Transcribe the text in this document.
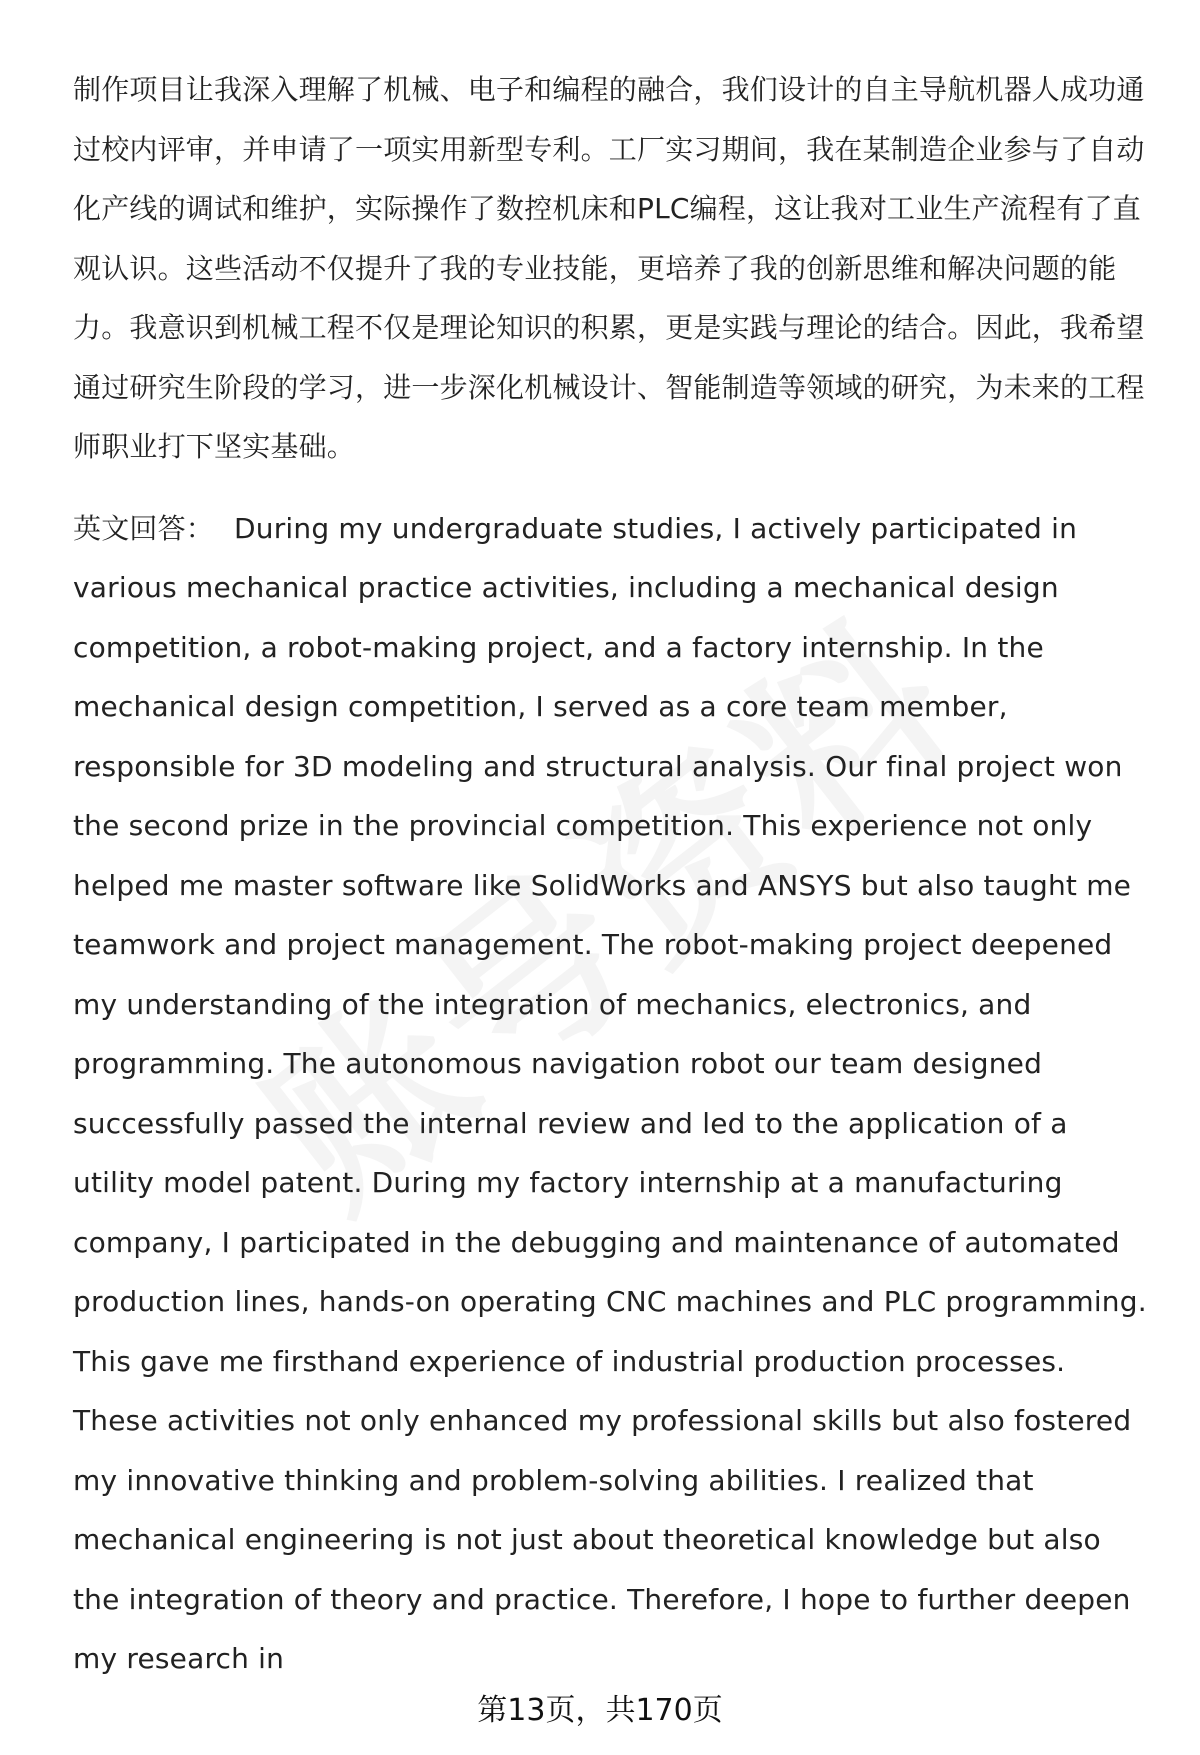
制作项目让我深入理解了机械、电子和编程的融合，我们设计的自主导航机器人成功通过校内评审，并申请了一项实用新型专利。工厂实习期间，我在某制造企业参与了自动化产线的调试和维护，实际操作了数控机床和PLC编程，这让我对工业生产流程有了直观认识。这些活动不仅提升了我的专业技能，更培养了我的创新思维和解决问题的能力。我意识到机械工程不仅是理论知识的积累，更是实践与理论的结合。因此，我希望通过研究生阶段的学习，进一步深化机械设计、智能制造等领域的研究，为未来的工程师职业打下坚实基础。

英文回答： During my undergraduate studies, I actively participated in various mechanical practice activities, including a mechanical design competition, a robot-making project, and a factory internship. In the mechanical design competition, I served as a core team member, responsible for 3D modeling and structural analysis. Our final project won the second prize in the provincial competition. This experience not only helped me master software like SolidWorks and ANSYS but also taught me teamwork and project management. The robot-making project deepened my understanding of the integration of mechanics, electronics, and programming. The autonomous navigation robot our team designed successfully passed the internal review and led to the application of a utility model patent. During my factory internship at a manufacturing company, I participated in the debugging and maintenance of automated production lines, hands-on operating CNC machines and PLC programming. This gave me firsthand experience of industrial production processes. These activities not only enhanced my professional skills but also fostered my innovative thinking and problem-solving abilities. I realized that mechanical engineering is not just about theoretical knowledge but also the integration of theory and practice. Therefore, I hope to further deepen my research in

第13页，共170页
